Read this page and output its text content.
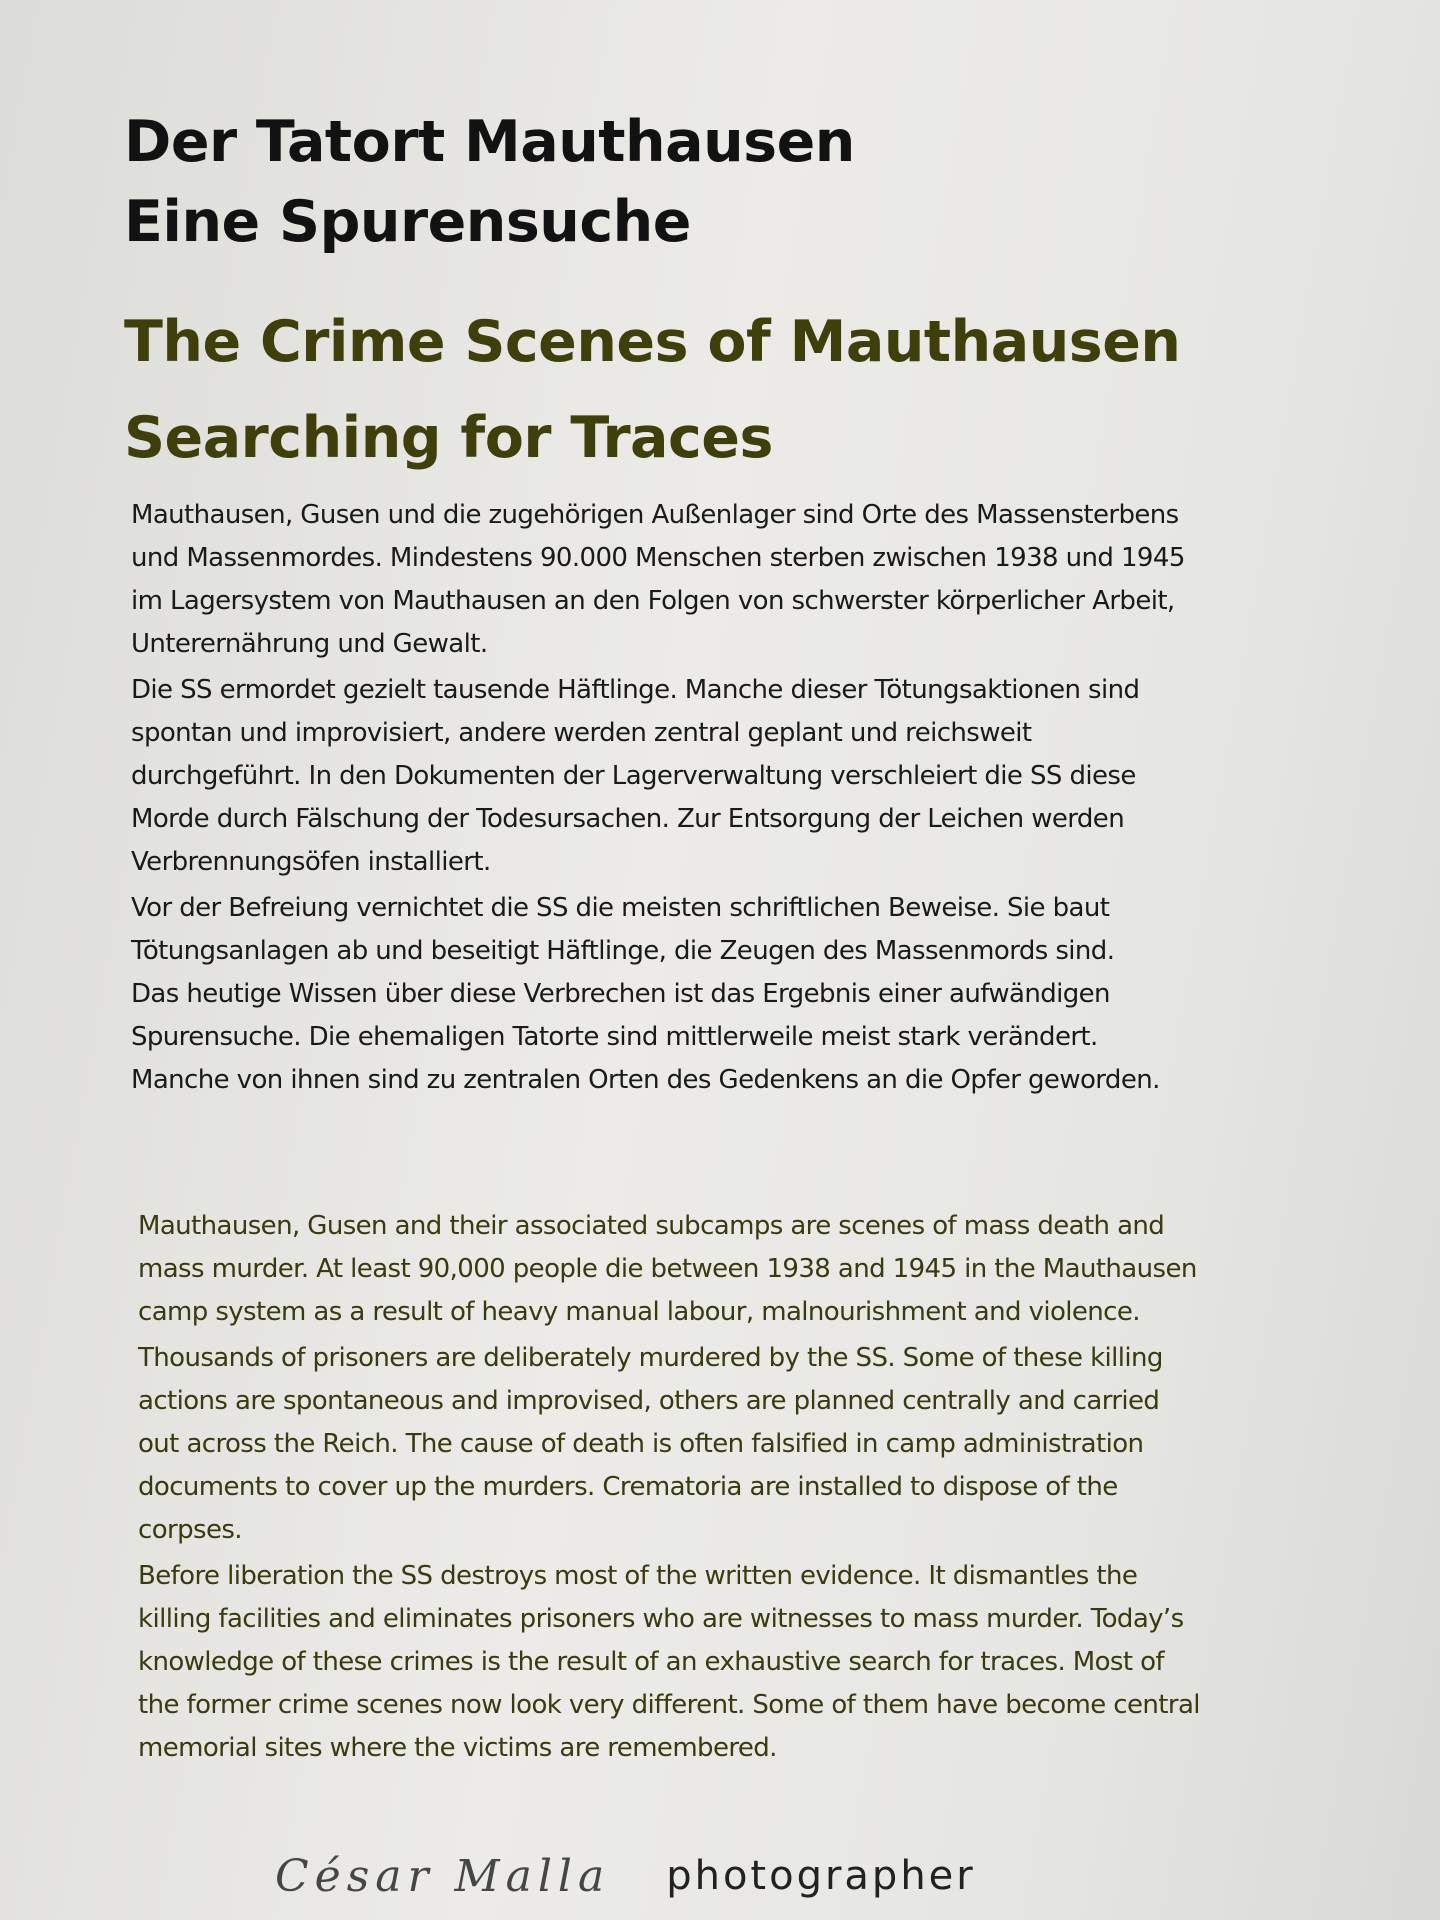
Der Tatort Mauthausen
Eine Spurensuche
The Crime Scenes of Mauthausen
Searching for Traces

Mauthausen, Gusen und die zugehörigen Außenlager sind Orte des Massensterbens
und Massenmordes. Mindestens 90.000 Menschen sterben zwischen 1938 und 1945
im Lagersystem von Mauthausen an den Folgen von schwerster körperlicher Arbeit,
Unterernährung und Gewalt.

Die SS ermordet gezielt tausende Häftlinge. Manche dieser Tötungsaktionen sind
spontan und improvisiert, andere werden zentral geplant und reichsweit
durchgeführt. In den Dokumenten der Lagerverwaltung verschleiert die SS diese
Morde durch Fälschung der Todesursachen. Zur Entsorgung der Leichen werden
Verbrennungsöfen installiert.

Vor der Befreiung vernichtet die SS die meisten schriftlichen Beweise. Sie baut
Tötungsanlagen ab und beseitigt Häftlinge, die Zeugen des Massenmords sind.
Das heutige Wissen über diese Verbrechen ist das Ergebnis einer aufwändigen
Spurensuche. Die ehemaligen Tatorte sind mittlerweile meist stark verändert.
Manche von ihnen sind zu zentralen Orten des Gedenkens an die Opfer geworden.

Mauthausen, Gusen and their associated subcamps are scenes of mass death and
mass murder. At least 90,000 people die between 1938 and 1945 in the Mauthausen
camp system as a result of heavy manual labour, malnourishment and violence.

Thousands of prisoners are deliberately murdered by the SS. Some of these killing
actions are spontaneous and improvised, others are planned centrally and carried
out across the Reich. The cause of death is often falsified in camp administration
documents to cover up the murders. Crematoria are installed to dispose of the
corpses.

Before liberation the SS destroys most of the written evidence. It dismantles the
killing facilities and eliminates prisoners who are witnesses to mass murder. Today’s
knowledge of these crimes is the result of an exhaustive search for traces. Most of
the former crime scenes now look very different. Some of them have become central
memorial sites where the victims are remembered.

César Malla photographer
